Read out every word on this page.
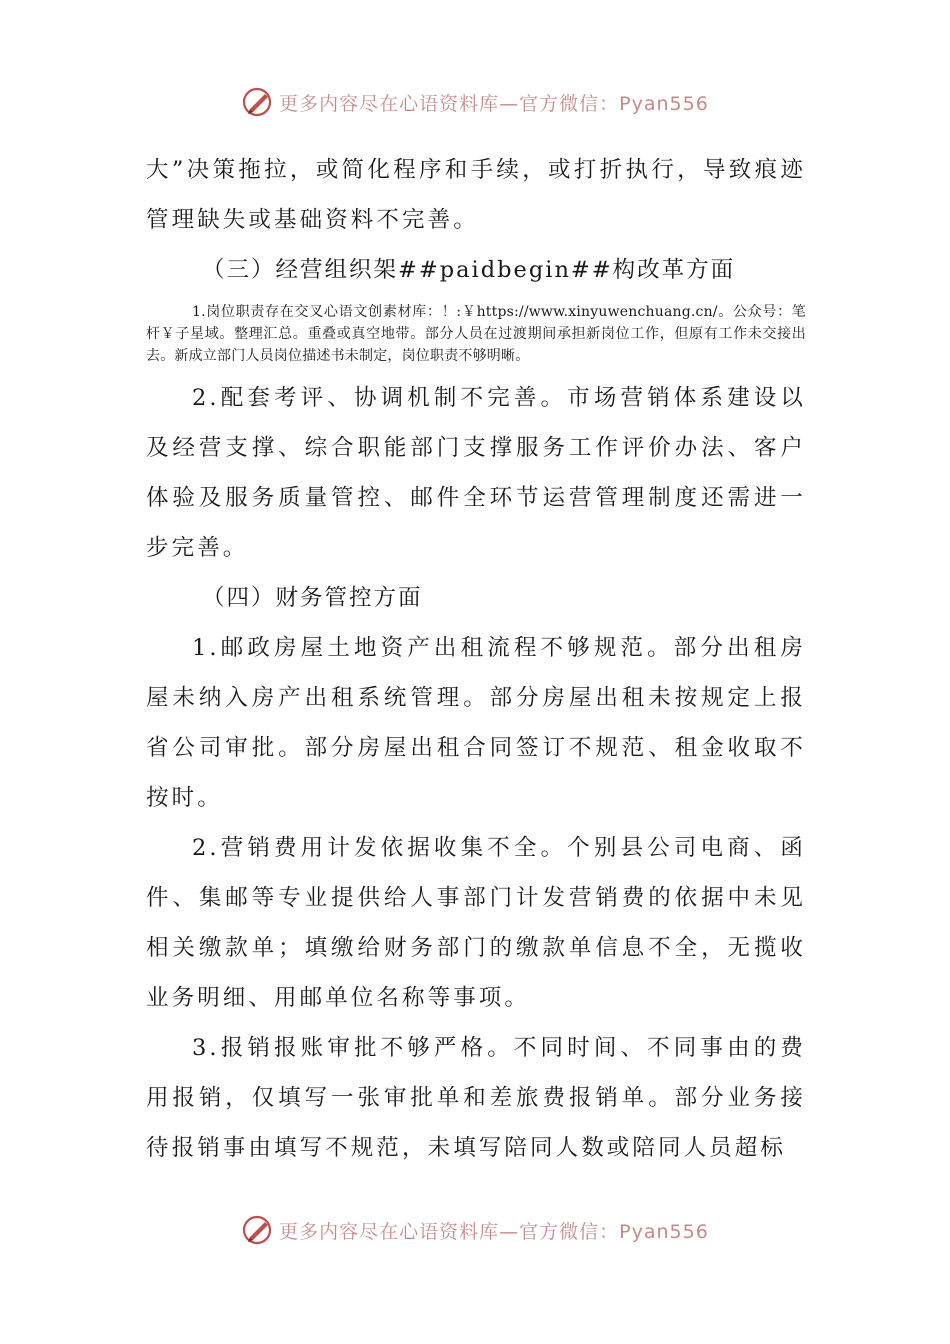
更多内容尽在心语资料库—官方微信：Pyan556

大”决策拖拉，或简化程序和手续，或打折执行，导致痕迹管理缺失或基础资料不完善。

（三）经营组织架##paidbegin##构改革方面

1.岗位职责存在交叉心语文创素材库：！:￥https://www.xinyuwenchuang.cn/。公众号：笔杆￥子星域。整理汇总。重叠或真空地带。部分人员在过渡期间承担新岗位工作，但原有工作未交接出去。新成立部门人员岗位描述书未制定，岗位职责不够明晰。

2.配套考评、协调机制不完善。市场营销体系建设以及经营支撑、综合职能部门支撑服务工作评价办法、客户体验及服务质量管控、邮件全环节运营管理制度还需进一步完善。

（四）财务管控方面

1.邮政房屋土地资产出租流程不够规范。部分出租房屋未纳入房产出租系统管理。部分房屋出租未按规定上报省公司审批。部分房屋出租合同签订不规范、租金收取不按时。

2.营销费用计发依据收集不全。个别县公司电商、函件、集邮等专业提供给人事部门计发营销费的依据中未见相关缴款单；填缴给财务部门的缴款单信息不全，无揽收业务明细、用邮单位名称等事项。

3.报销报账审批不够严格。不同时间、不同事由的费用报销，仅填写一张审批单和差旅费报销单。部分业务接待报销事由填写不规范，未填写陪同人数或陪同人员超标

更多内容尽在心语资料库—官方微信：Pyan556
